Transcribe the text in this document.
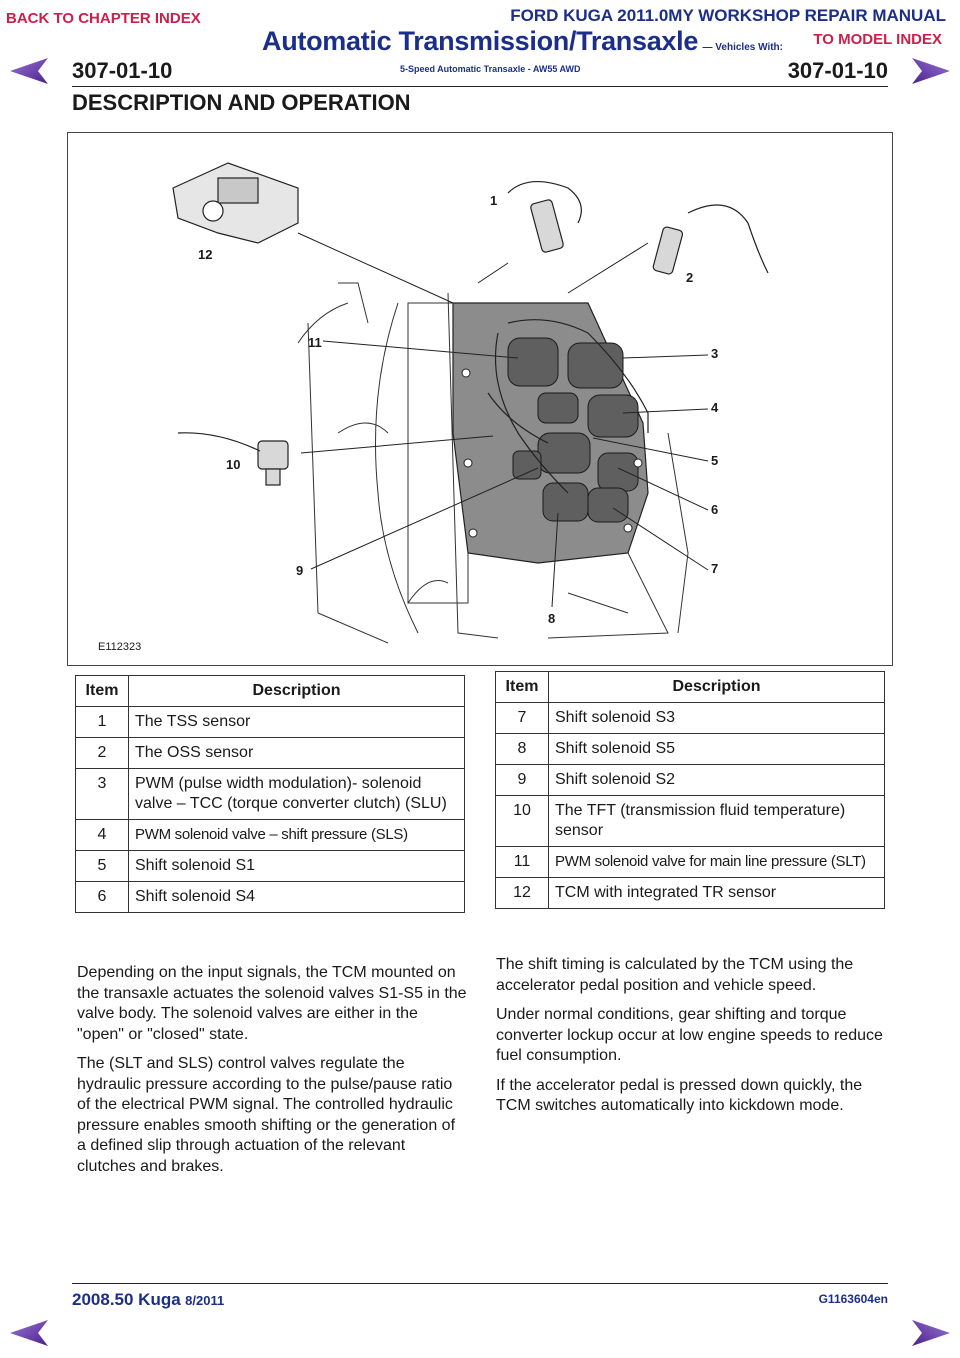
BACK TO CHAPTER INDEX	FORD KUGA 2011.0MY WORKSHOP REPAIR MANUAL
TO MODEL INDEX
Automatic Transmission/Transaxle — Vehicles With:
5-Speed Automatic Transaxle - AW55 AWD
307-01-10	307-01-10
DESCRIPTION AND OPERATION
1
2
3
4
5
6
7
8
9
10
11
12
E112323
Item	Description
1	The TSS sensor
2	The OSS sensor
3	PWM (pulse width modulation)- solenoid valve – TCC (torque converter clutch) (SLU)
4	PWM solenoid valve – shift pressure (SLS)
5	Shift solenoid S1
6	Shift solenoid S4
Item	Description
7	Shift solenoid S3
8	Shift solenoid S5
9	Shift solenoid S2
10	The TFT (transmission fluid temperature) sensor
11	PWM solenoid valve for main line pressure (SLT)
12	TCM with integrated TR sensor

Depending on the input signals, the TCM mounted on the transaxle actuates the solenoid valves S1-S5 in the valve body. The solenoid valves are either in the "open" or "closed" state.

The (SLT and SLS) control valves regulate the hydraulic pressure according to the pulse/pause ratio of the electrical PWM signal. The controlled hydraulic pressure enables smooth shifting or the generation of a defined slip through actuation of the relevant clutches and brakes.

The shift timing is calculated by the TCM using the accelerator pedal position and vehicle speed.

Under normal conditions, gear shifting and torque converter lockup occur at low engine speeds to reduce fuel consumption.

If the accelerator pedal is pressed down quickly, the TCM switches automatically into kickdown mode.

2008.50 Kuga 8/2011	G1163604en
